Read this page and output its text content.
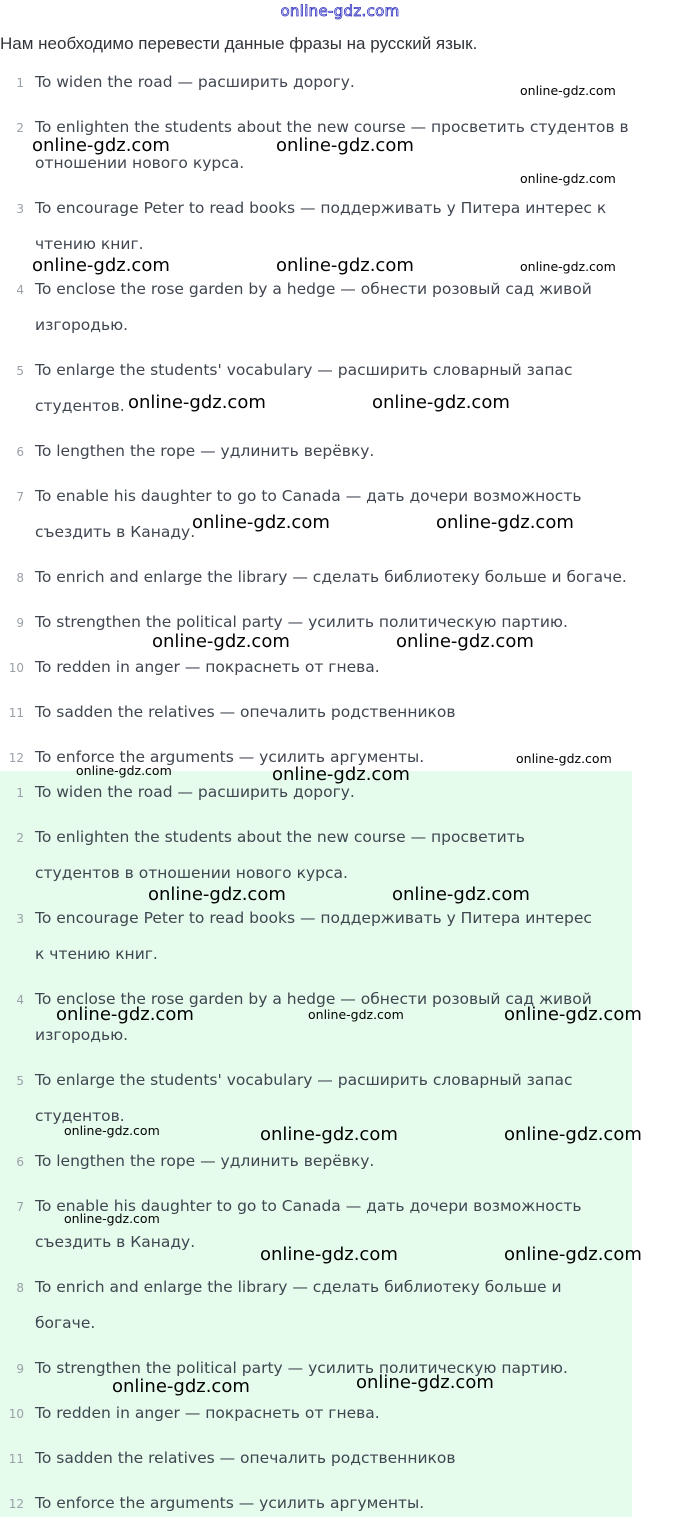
online-gdz.com
Нам необходимо перевести данные фразы на русский язык.
1 To widen the road — расширить дорогу.
2 To enlighten the students about the new course — просветить студентов в
отношении нового курса.
3 To encourage Peter to read books — поддерживать у Питера интерес к
чтению книг.
4 To enclose the rose garden by a hedge — обнести розовый сад живой
изгородью.
5 To enlarge the students' vocabulary — расширить словарный запас
студентов.
6 To lengthen the rope — удлинить верёвку.
7 To enable his daughter to go to Canada — дать дочери возможность
съездить в Канаду.
8 To enrich and enlarge the library — сделать библиотеку больше и богаче.
9 To strengthen the political party — усилить политическую партию.
10 To redden in anger — покраснеть от гнева.
11 To sadden the relatives — опечалить родственников
12 To enforce the arguments — усилить аргументы.
1 To widen the road — расширить дорогу.
2 To enlighten the students about the new course — просветить
студентов в отношении нового курса.
3 To encourage Peter to read books — поддерживать у Питера интерес
к чтению книг.
4 To enclose the rose garden by a hedge — обнести розовый сад живой
изгородью.
5 To enlarge the students' vocabulary — расширить словарный запас
студентов.
6 To lengthen the rope — удлинить верёвку.
7 To enable his daughter to go to Canada — дать дочери возможность
съездить в Канаду.
8 To enrich and enlarge the library — сделать библиотеку больше и
богаче.
9 To strengthen the political party — усилить политическую партию.
10 To redden in anger — покраснеть от гнева.
11 To sadden the relatives — опечалить родственников
12 To enforce the arguments — усилить аргументы.
online-gdz.com
online-gdz.com	online-gdz.com
online-gdz.com
online-gdz.com	online-gdz.com	online-gdz.com
online-gdz.com	online-gdz.com
online-gdz.com	online-gdz.com
online-gdz.com	online-gdz.com
online-gdz.com
online-gdz.com	online-gdz.com
online-gdz.com	online-gdz.com
online-gdz.com	online-gdz.com	online-gdz.com
online-gdz.com	online-gdz.com	online-gdz.com
online-gdz.com
online-gdz.com	online-gdz.com
online-gdz.com	online-gdz.com
